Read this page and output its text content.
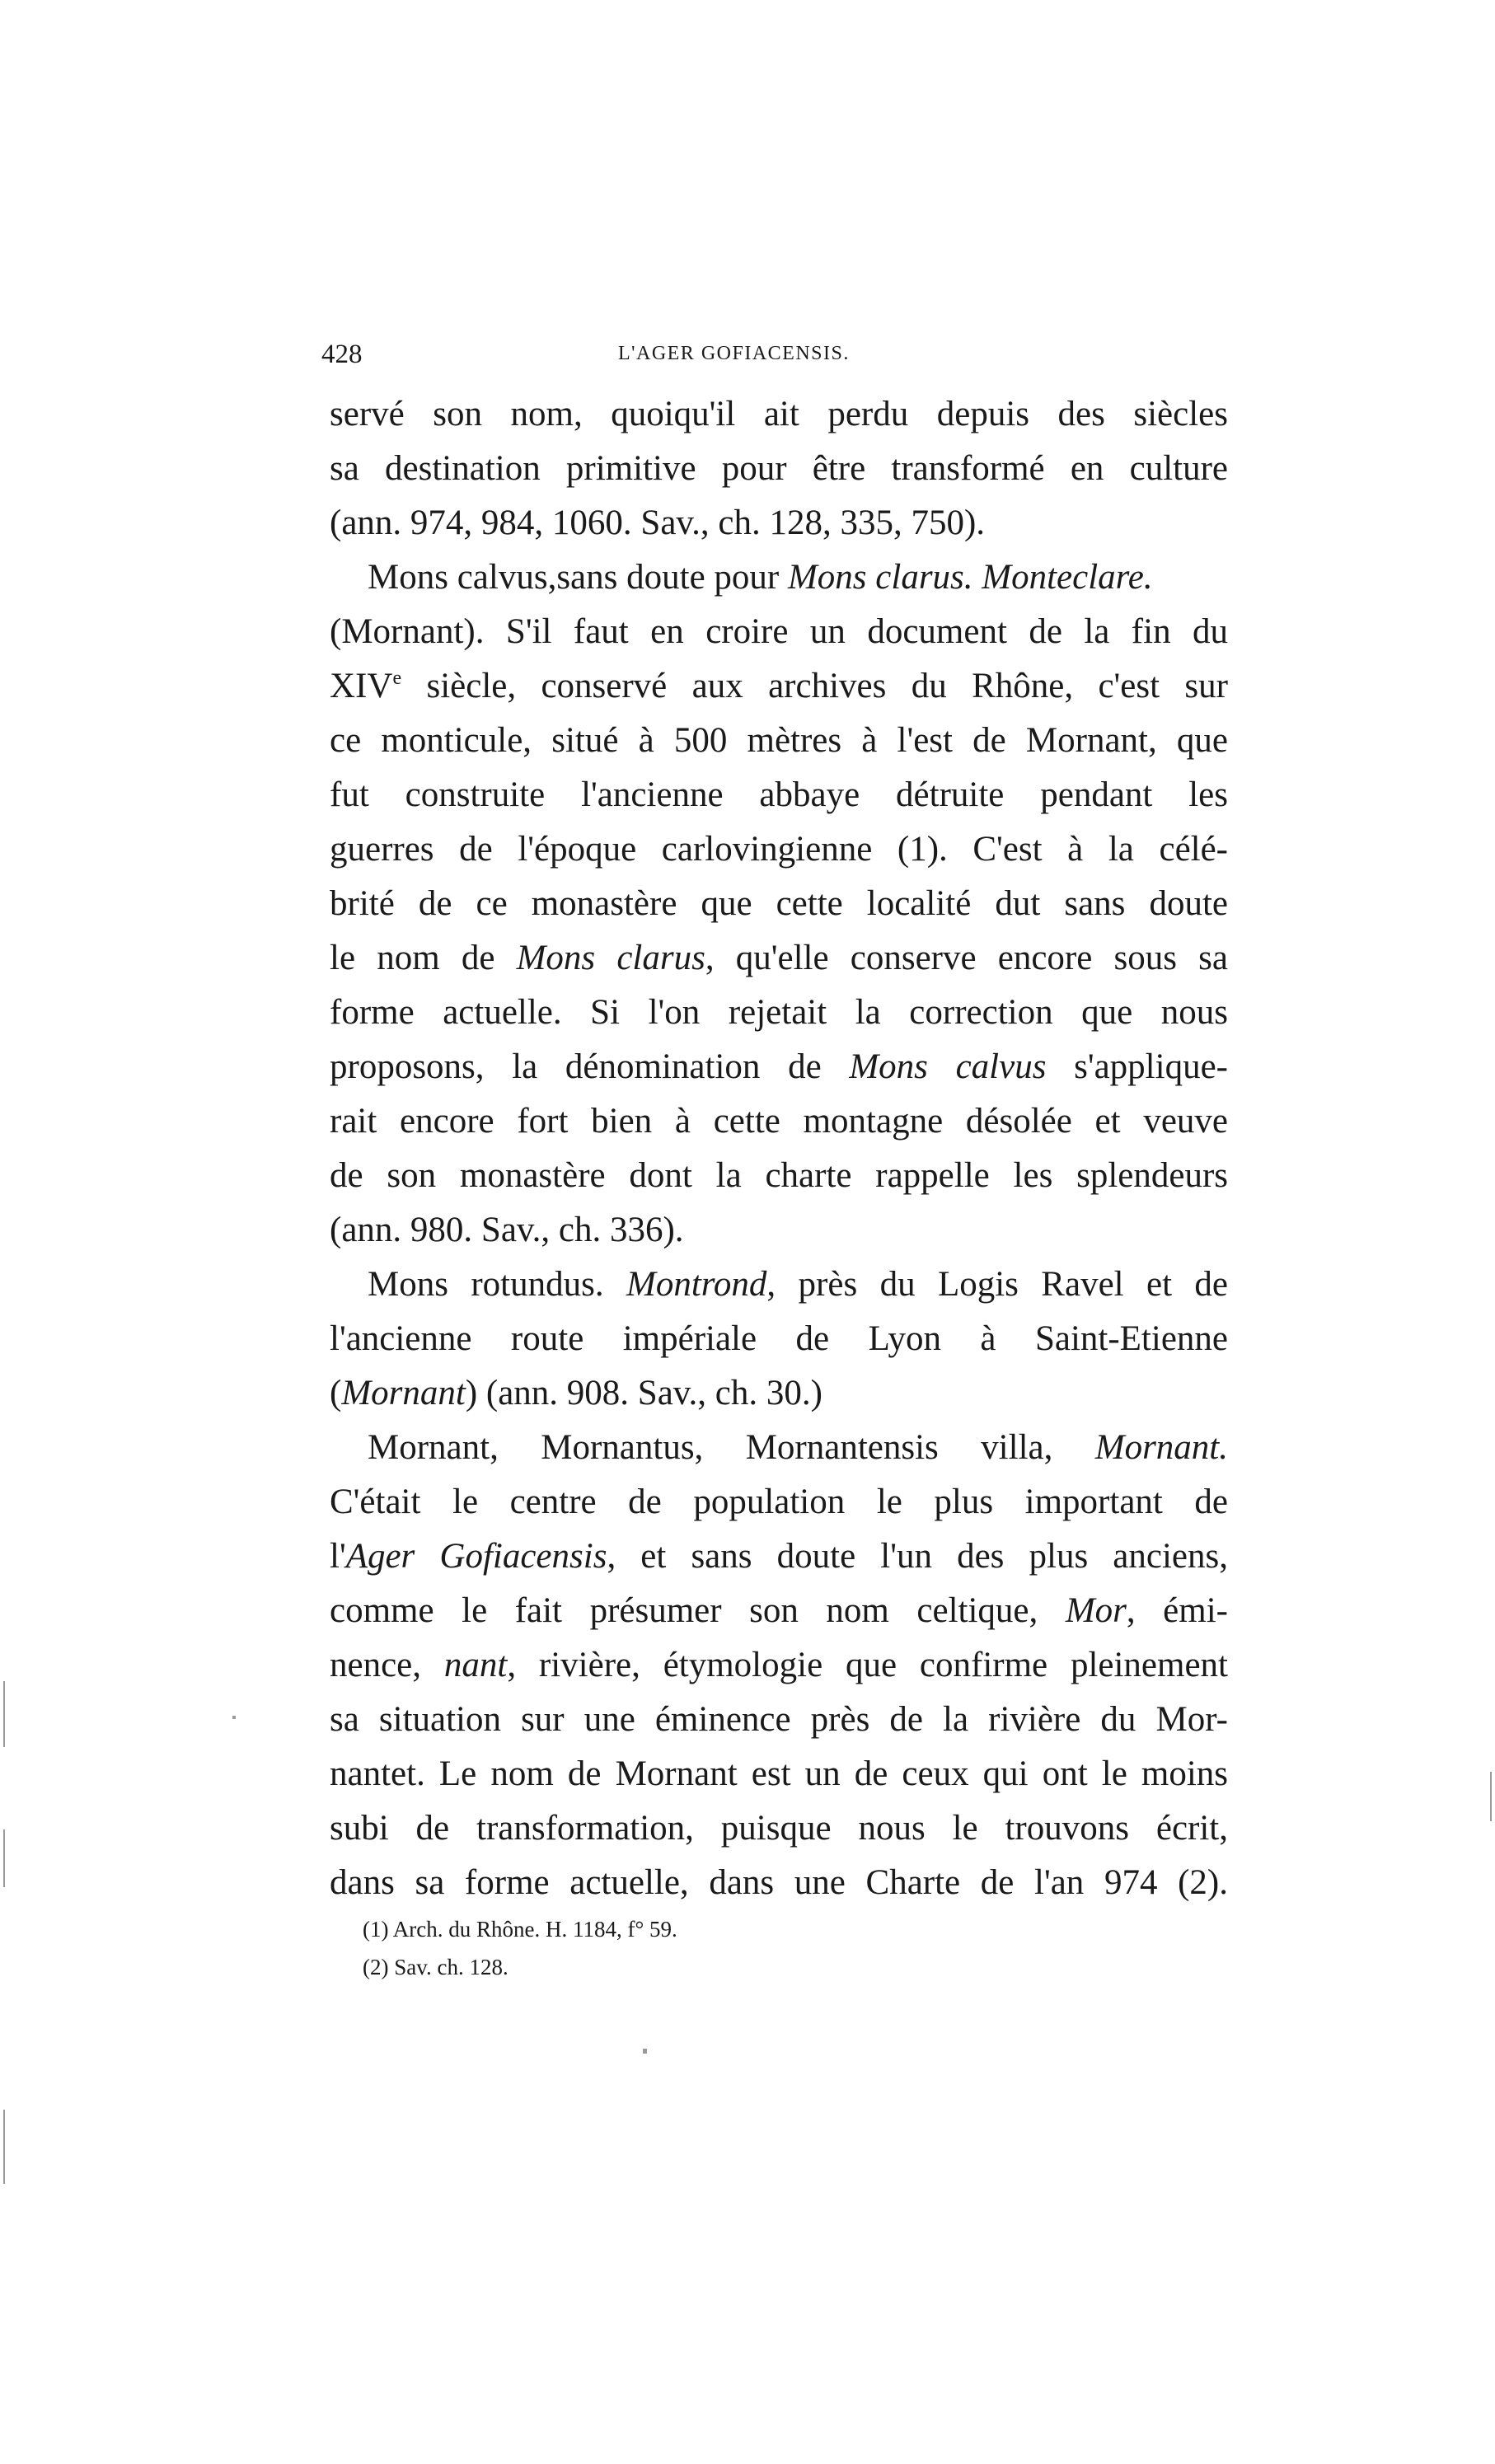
428	L'AGER GOFIACENSIS.
servé son nom, quoiqu'il ait perdu depuis des siècles
sa destination primitive pour être transformé en culture
(ann. 974, 984, 1060. Sav., ch. 128, 335, 750).
Mons calvus,sans doute pour Mons clarus. Monteclare.
(Mornant). S'il faut en croire un document de la fin du
XIVe siècle, conservé aux archives du Rhône, c'est sur
ce monticule, situé à 500 mètres à l'est de Mornant, que
fut construite l'ancienne abbaye détruite pendant les
guerres de l'époque carlovingienne (1). C'est à la célé-
brité de ce monastère que cette localité dut sans doute
le nom de Mons clarus, qu'elle conserve encore sous sa
forme actuelle. Si l'on rejetait la correction que nous
proposons, la dénomination de Mons calvus s'applique-
rait encore fort bien à cette montagne désolée et veuve
de son monastère dont la charte rappelle les splendeurs
(ann. 980. Sav., ch. 336).
Mons rotundus. Montrond, près du Logis Ravel et de
l'ancienne route impériale de Lyon à Saint-Etienne
(Mornant) (ann. 908. Sav., ch. 30.)
Mornant, Mornantus, Mornantensis villa, Mornant.
C'était le centre de population le plus important de
l'Ager Gofiacensis, et sans doute l'un des plus anciens,
comme le fait présumer son nom celtique, Mor, émi-
nence, nant, rivière, étymologie que confirme pleinement
sa situation sur une éminence près de la rivière du Mor-
nantet. Le nom de Mornant est un de ceux qui ont le moins
subi de transformation, puisque nous le trouvons écrit,
dans sa forme actuelle, dans une Charte de l'an 974 (2).
(1) Arch. du Rhône. H. 1184, f° 59.
(2) Sav. ch. 128.
